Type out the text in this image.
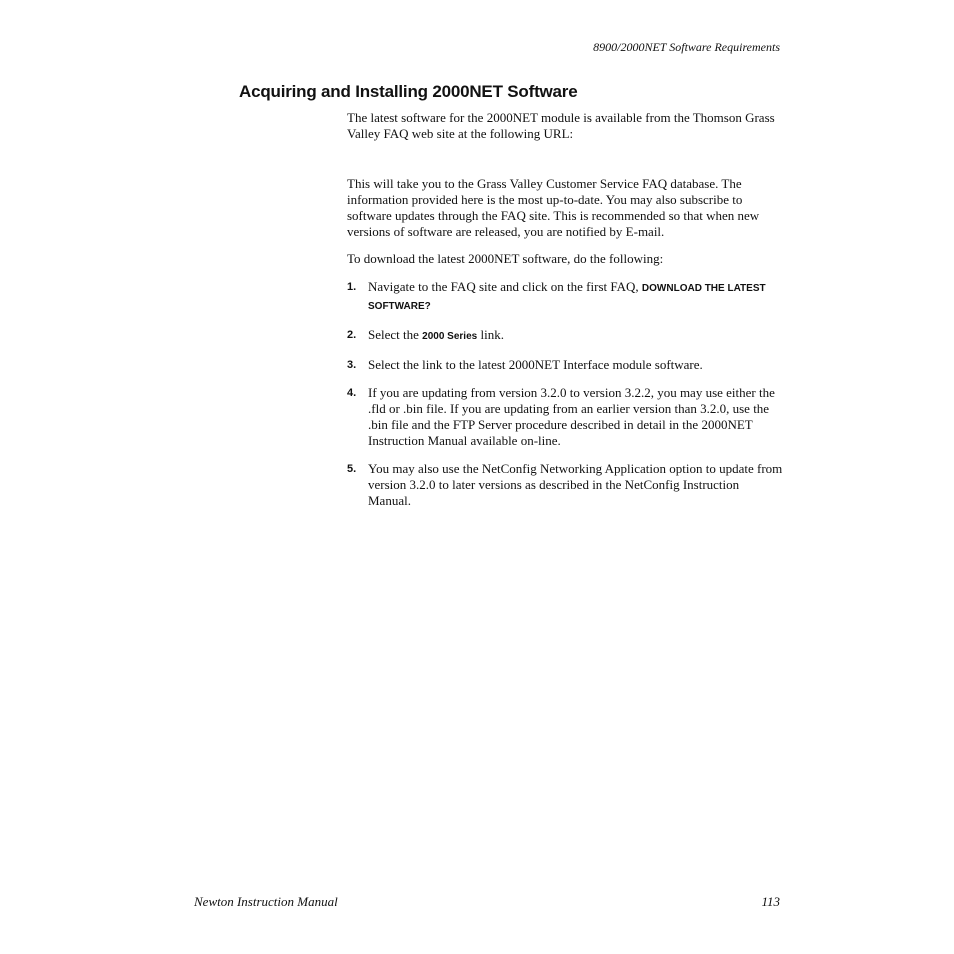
8900/2000NET Software Requirements
Acquiring and Installing 2000NET Software

The latest software for the 2000NET module is available from the Thomson Grass Valley FAQ web site at the following URL:

This will take you to the Grass Valley Customer Service FAQ database. The information provided here is the most up-to-date. You may also subscribe to software updates through the FAQ site. This is recommended so that when new versions of software are released, you are notified by E-mail.

To download the latest 2000NET software, do the following:

1. Navigate to the FAQ site and click on the first FAQ, DOWNLOAD THE LATEST SOFTWARE?
2. Select the 2000 Series link.
3. Select the link to the latest 2000NET Interface module software.
4. If you are updating from version 3.2.0 to version 3.2.2, you may use either the .fld or .bin file. If you are updating from an earlier version than 3.2.0, use the .bin file and the FTP Server procedure described in detail in the 2000NET Instruction Manual available on-line.
5. You may also use the NetConfig Networking Application option to update from version 3.2.0 to later versions as described in the NetConfig Instruction Manual.
Newton Instruction Manual	113
